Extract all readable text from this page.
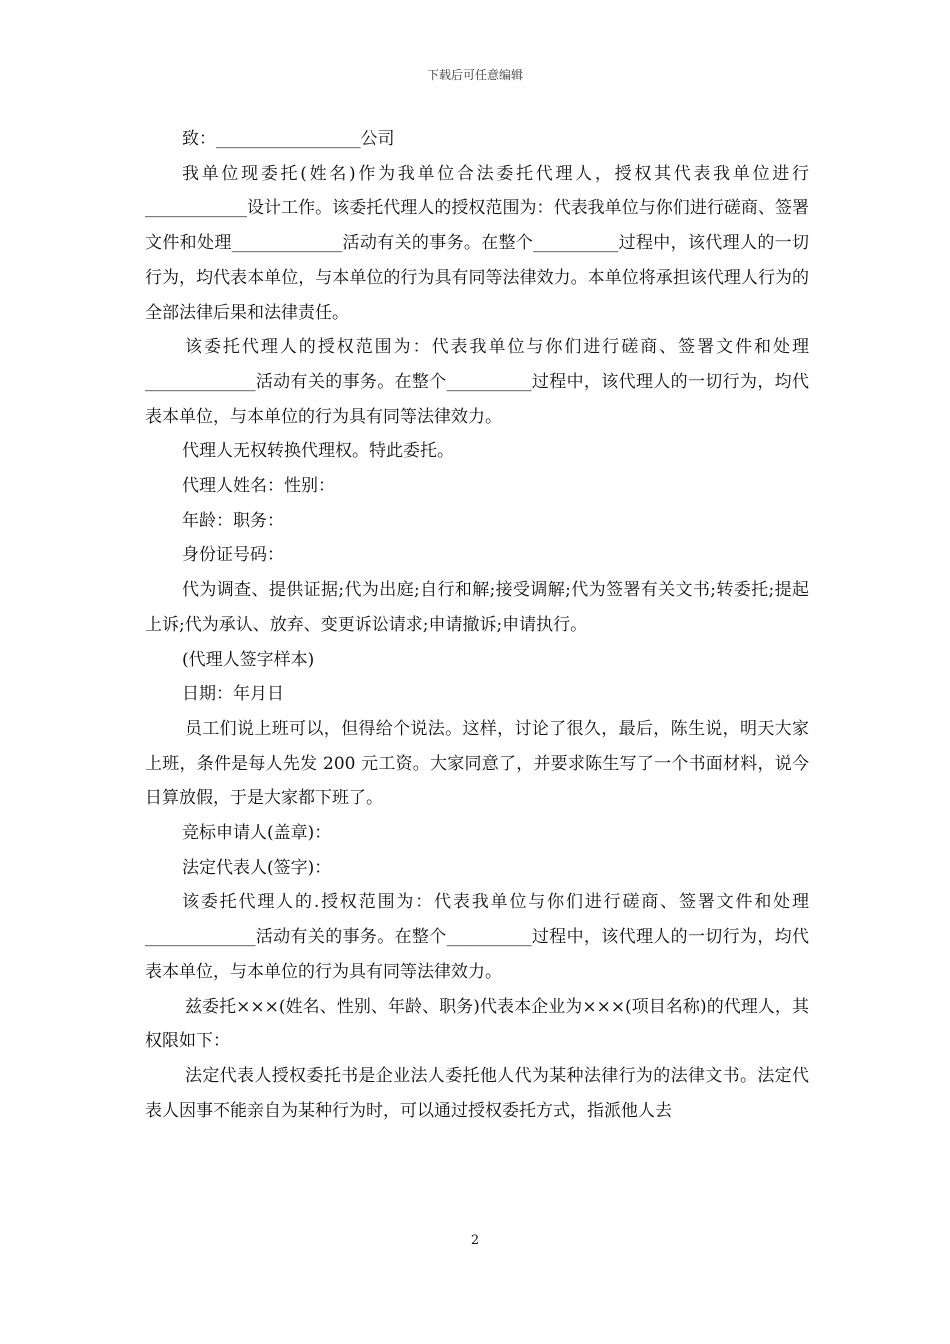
下载后可任意编辑

致：_________________公司

我单位现委托(姓名)作为我单位合法委托代理人，授权其代表我单位进行____________设计工作。该委托代理人的授权范围为：代表我单位与你们进行磋商、签署文件和处理_____________活动有关的事务。在整个__________过程中，该代理人的一切行为，均代表本单位，与本单位的行为具有同等法律效力。本单位将承担该代理人行为的全部法律后果和法律责任。

该委托代理人的授权范围为：代表我单位与你们进行磋商、签署文件和处理_____________活动有关的事务。在整个__________过程中，该代理人的一切行为，均代表本单位，与本单位的行为具有同等法律效力。

代理人无权转换代理权。特此委托。

代理人姓名：性别：

年龄：职务：

身份证号码：

代为调查、提供证据;代为出庭;自行和解;接受调解;代为签署有关文书;转委托;提起上诉;代为承认、放弃、变更诉讼请求;申请撤诉;申请执行。

(代理人签字样本)

日期：年月日

员工们说上班可以，但得给个说法。这样，讨论了很久，最后，陈生说，明天大家上班，条件是每人先发 200 元工资。大家同意了，并要求陈生写了一个书面材料，说今日算放假，于是大家都下班了。

竞标申请人(盖章)：

法定代表人(签字)：

该委托代理人的.授权范围为：代表我单位与你们进行磋商、签署文件和处理_____________活动有关的事务。在整个__________过程中，该代理人的一切行为，均代表本单位，与本单位的行为具有同等法律效力。

兹委托×××(姓名、性别、年龄、职务)代表本企业为×××(项目名称)的代理人，其权限如下：

法定代表人授权委托书是企业法人委托他人代为某种法律行为的法律文书。法定代表人因事不能亲自为某种行为时，可以通过授权委托方式，指派他人去

2
